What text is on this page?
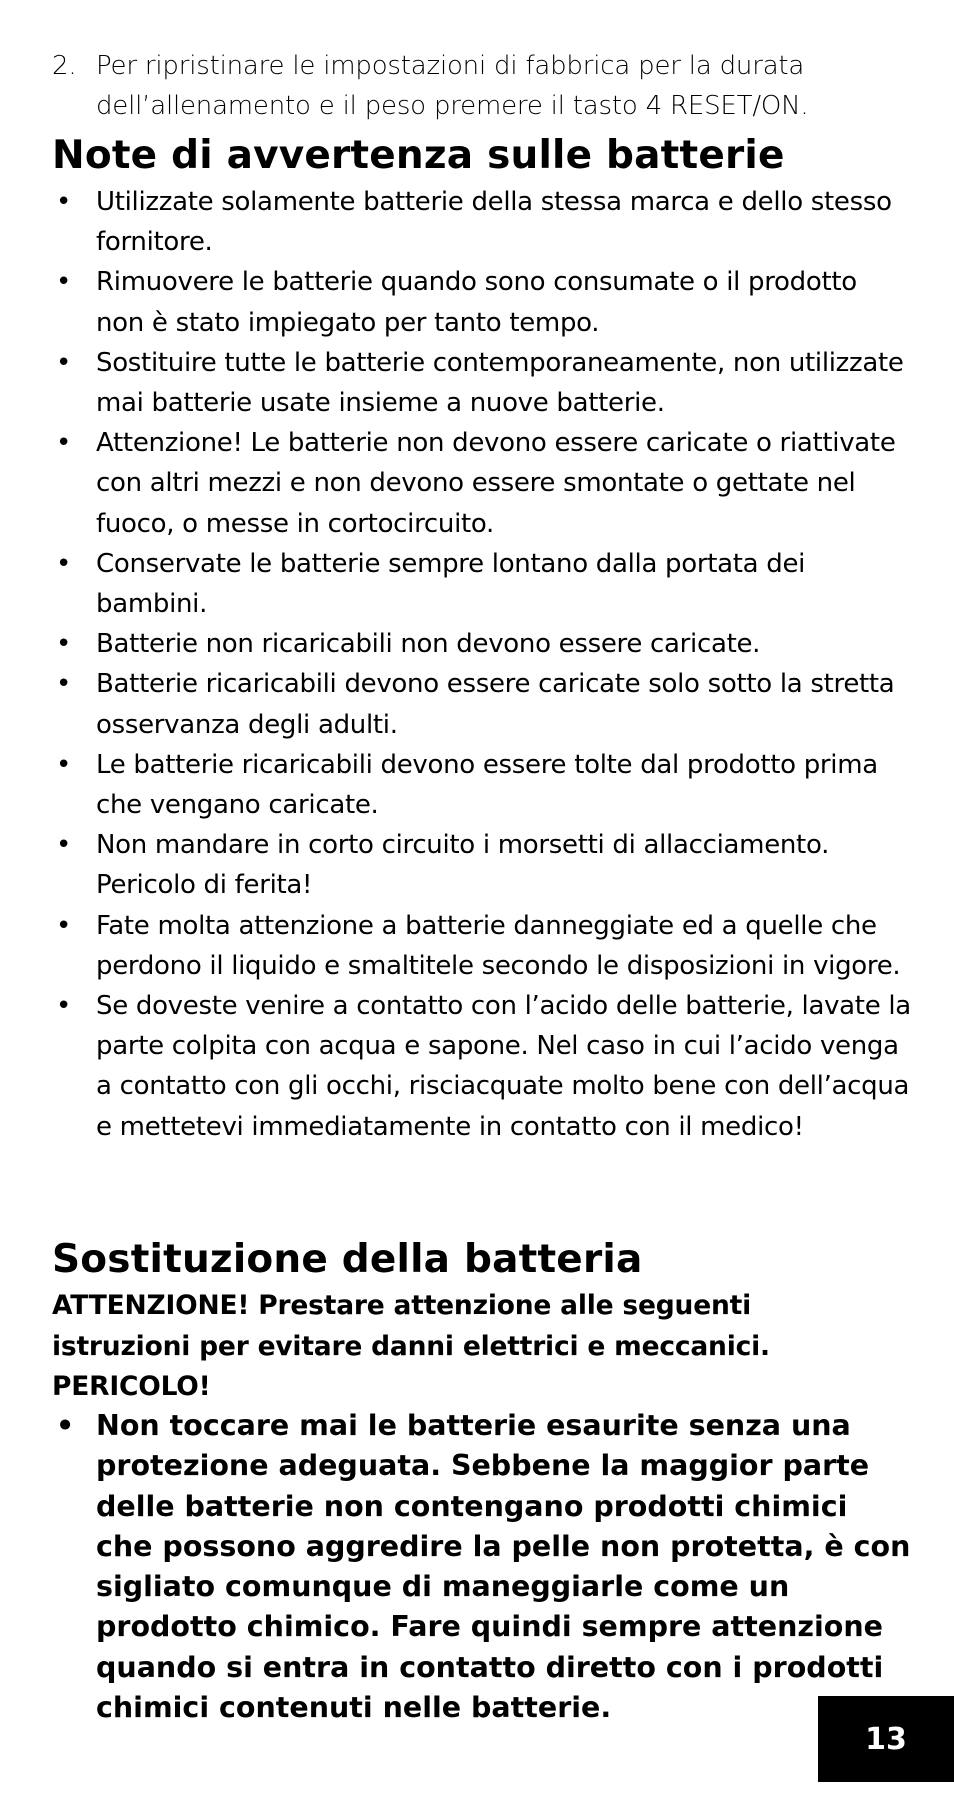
2. Per ripristinare le impostazioni di fabbrica per la durata dell’allenamento e il peso premere il tasto 4 RESET/ON.
Note di avvertenza sulle batterie
• Utilizzate solamente batterie della stessa marca e dello stesso fornitore.
• Rimuovere le batterie quando sono consumate o il prodotto non è stato impiegato per tanto tempo.
• Sostituire tutte le batterie contemporaneamente, non utilizzate mai batterie usate insieme a nuove batterie.
• Attenzione! Le batterie non devono essere caricate o riattivate con altri mezzi e non devono essere smontate o gettate nel fuoco, o messe in cortocircuito.
• Conservate le batterie sempre lontano dalla portata dei bambini.
• Batterie non ricaricabili non devono essere caricate.
• Batterie ricaricabili devono essere caricate solo sotto la stretta osservanza degli adulti.
• Le batterie ricaricabili devono essere tolte dal prodotto prima che vengano caricate.
• Non mandare in corto circuito i morsetti di allacciamento. Pericolo di ferita!
• Fate molta attenzione a batterie danneggiate ed a quelle che perdono il liquido e smaltitele secondo le disposizioni in vigore.
• Se doveste venire a contatto con l’acido delle batterie, lavate la parte colpita con acqua e sapone. Nel caso in cui l’acido venga a contatto con gli occhi, risciacquate molto bene con dell’acqua e mettetevi immediatamente in contatto con il medico!
Sostituzione della batteria
ATTENZIONE! Prestare attenzione alle seguenti
istruzioni per evitare danni elettrici e meccanici.
PERICOLO!
• Non toccare mai le batterie esaurite senza una protezione adeguata. Sebbene la maggior parte delle batterie non contengano prodotti chimici che possono aggredire la pelle non protetta, è con sigliato comunque di maneggiarle come un prodotto chimico. Fare quindi sempre attenzione quando si entra in contatto diretto con i prodotti chimici contenuti nelle batterie.
13
